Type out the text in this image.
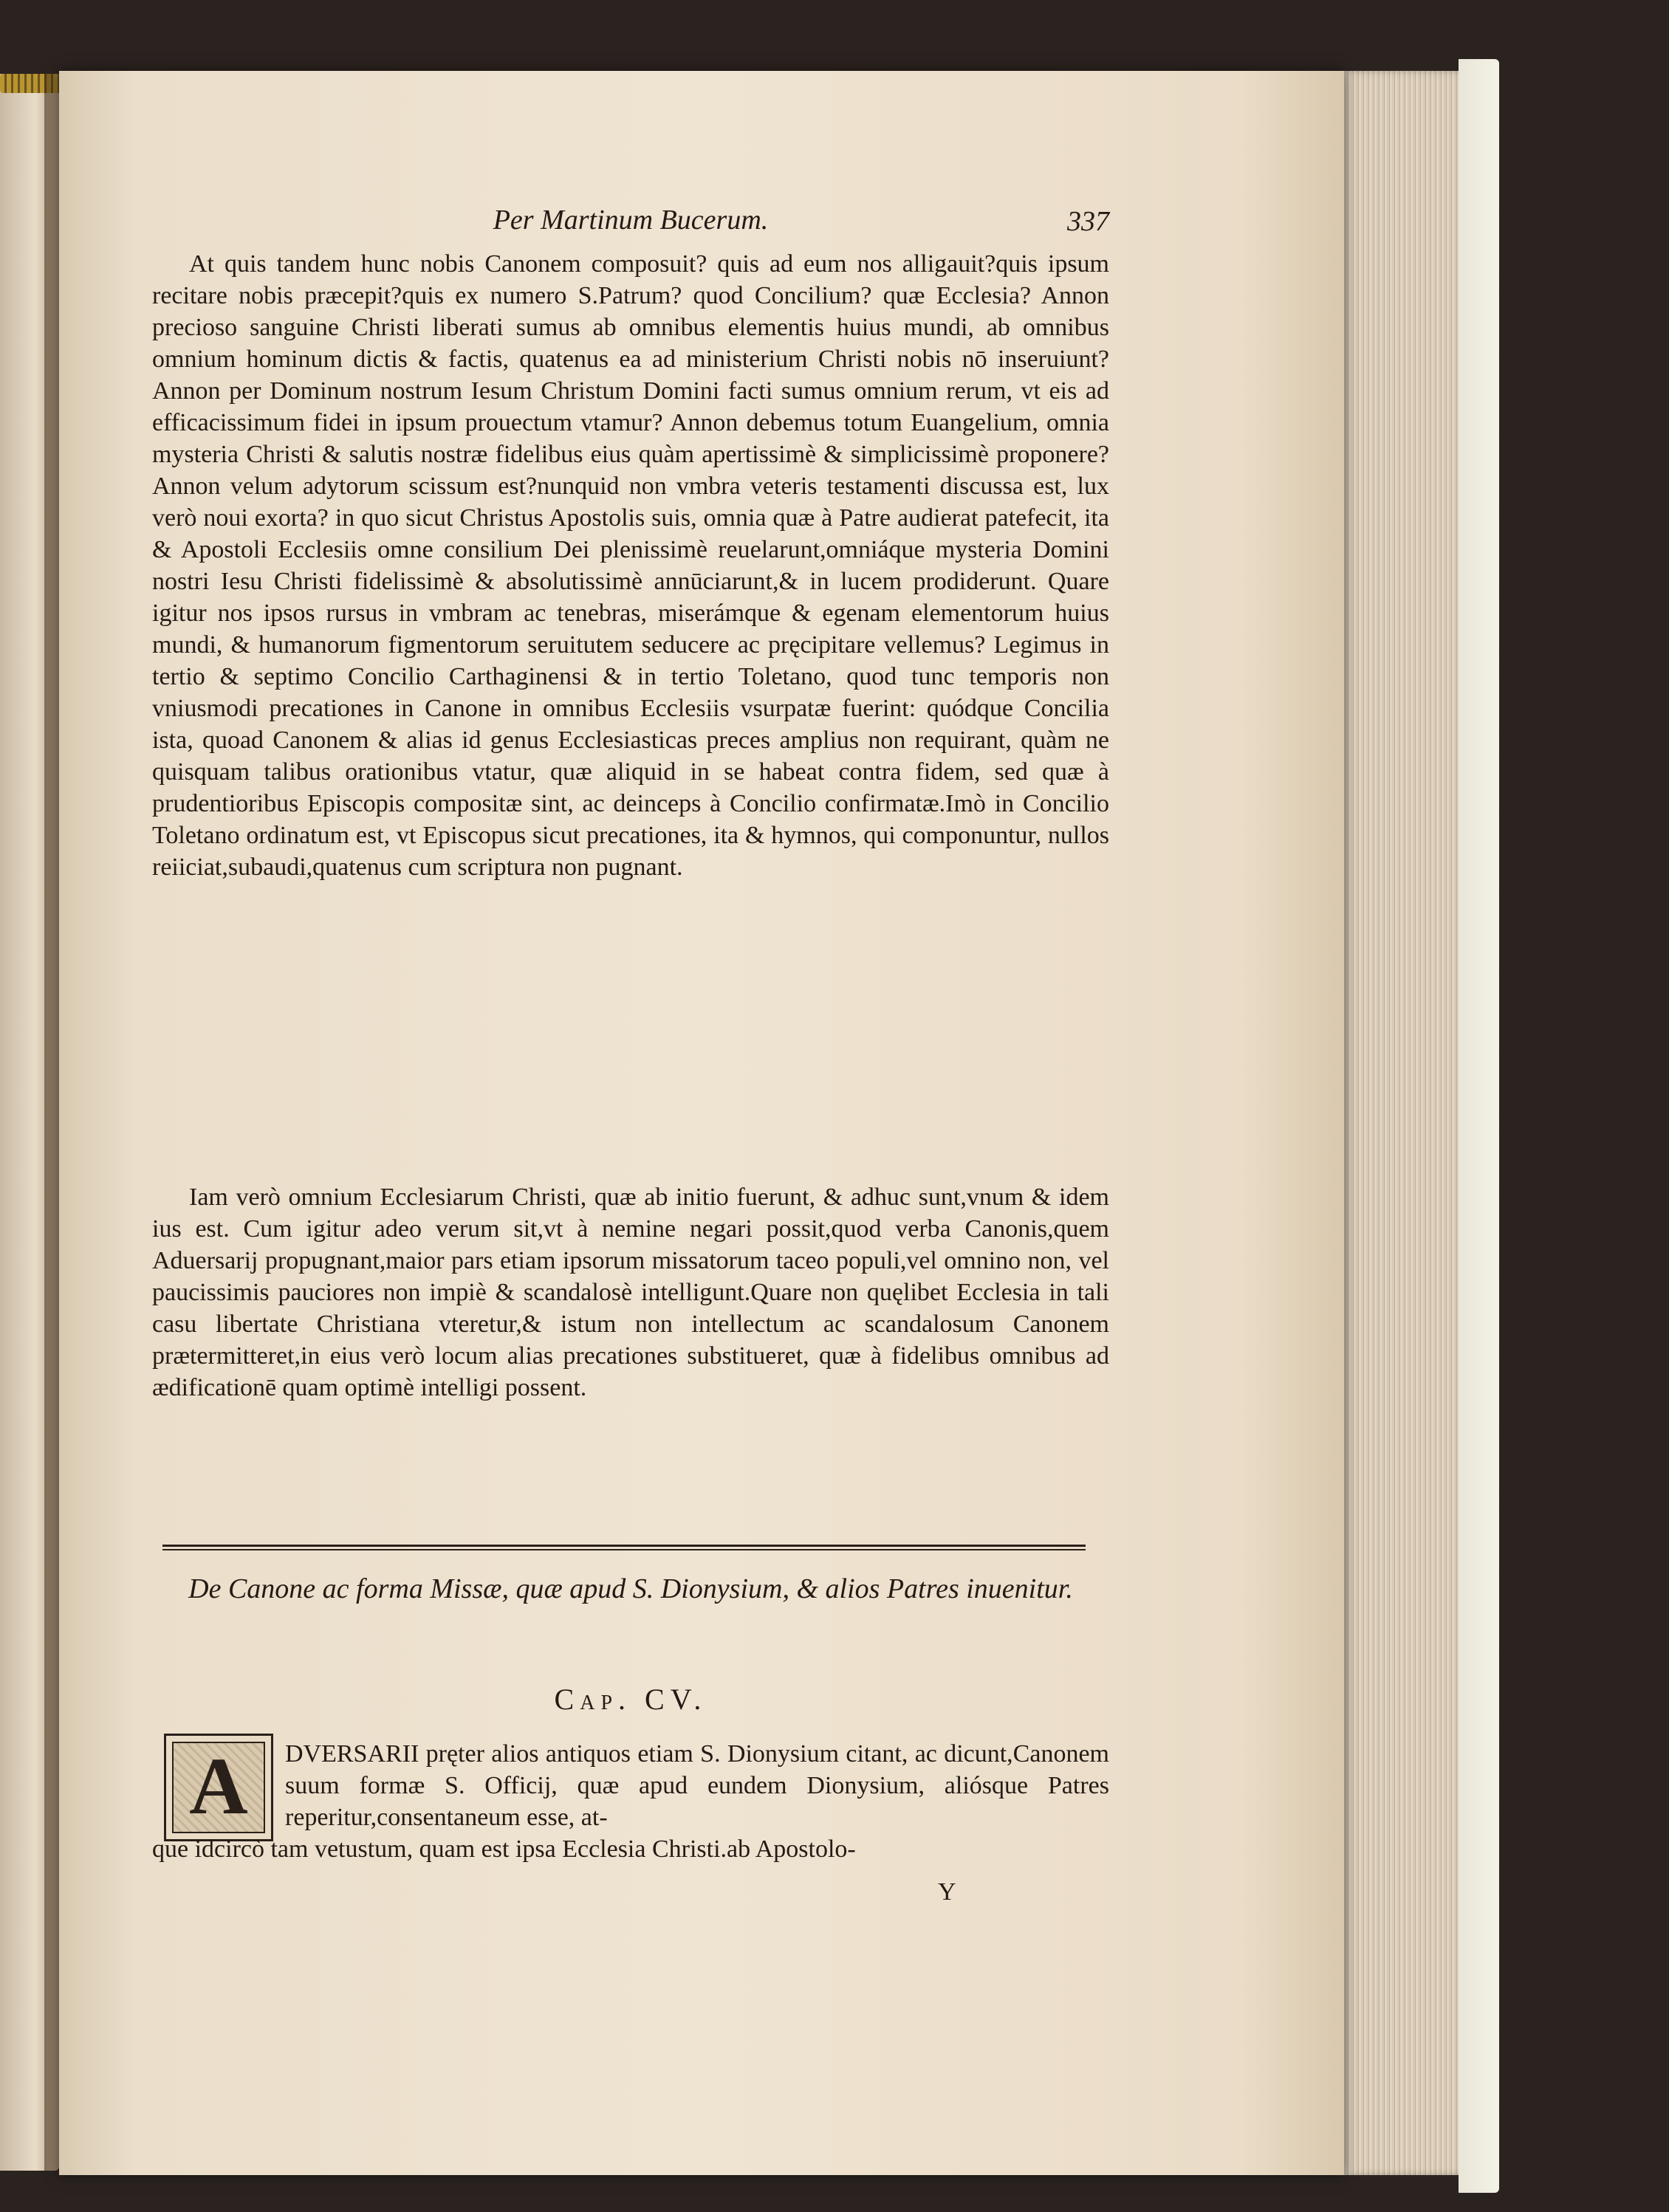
Per Martinum Bucerum.	337

At quis tandem hunc nobis Canonem composuit? quis ad eum nos alligauit?quis ipsum recitare nobis præcepit?quis ex numero S.Patrum? quod Concilium? quæ Ecclesia? Annon precioso sanguine Christi liberati sumus ab omnibus elementis huius mundi, ab omnibus omnium hominum dictis & factis, quatenus ea ad ministerium Christi nobis nō inseruiunt? Annon per Dominum nostrum Iesum Christum Domini facti sumus omnium rerum, vt eis ad efficacissimum fidei in ipsum prouectum vtamur? Annon debemus totum Euangelium, omnia mysteria Christi & salutis nostræ fidelibus eius quàm apertissimè & simplicissimè proponere? Annon velum adytorum scissum est?nunquid non vmbra veteris testamenti discussa est, lux verò noui exorta? in quo sicut Christus Apostolis suis, omnia quæ à Patre audierat patefecit, ita & Apostoli Ecclesiis omne consilium Dei plenissimè reuelarunt,omniáque mysteria Domini nostri Iesu Christi fidelissimè & absolutissimè annūciarunt,& in lucem prodiderunt. Quare igitur nos ipsos rursus in vmbram ac tenebras, miserámque & egenam elementorum huius mundi, & humanorum figmentorum seruitutem seducere ac pręcipitare vellemus? Legimus in tertio & septimo Concilio Carthaginensi & in tertio Toletano, quod tunc temporis non vniusmodi precationes in Canone in omnibus Ecclesiis vsurpatæ fuerint: quódque Concilia ista, quoad Canonem & alias id genus Ecclesiasticas preces amplius non requirant, quàm ne quisquam talibus orationibus vtatur, quæ aliquid in se habeat contra fidem, sed quæ à prudentioribus Episcopis compositæ sint, ac deinceps à Concilio confirmatæ.Imò in Concilio Toletano ordinatum est, vt Episcopus sicut precationes, ita & hymnos, qui componuntur, nullos reiiciat,subaudi,quatenus cum scriptura non pugnant.

Iam verò omnium Ecclesiarum Christi, quæ ab initio fuerunt, & adhuc sunt,vnum & idem ius est. Cum igitur adeo verum sit,vt à nemine negari possit,quod verba Canonis,quem Aduersarij propugnant,maior pars etiam ipsorum missatorum taceo populi,vel omnino non, vel paucissimis pauciores non impiè & scandalosè intelligunt.Quare non quęlibet Ecclesia in tali casu libertate Christiana vteretur,& istum non intellectum ac scandalosum Canonem prætermitteret,in eius verò locum alias precationes substitueret, quæ à fidelibus omnibus ad ædificationē quam optimè intelligi possent.

De Canone ac forma Missæ, quæ apud S. Dionysium, & alios Patres inuenitur.
Cap. CV.
A	DVERSARII pręter alios antiquos etiam S. Dionysium citant, ac dicunt,Canonem suum formæ S. Officij, quæ apud eundem Dionysium, aliósque Patres reperitur,consentaneum esse, at-

que idcircò tam vetustum, quam est ipsa Ecclesia Christi.ab Apostolo-

Y
